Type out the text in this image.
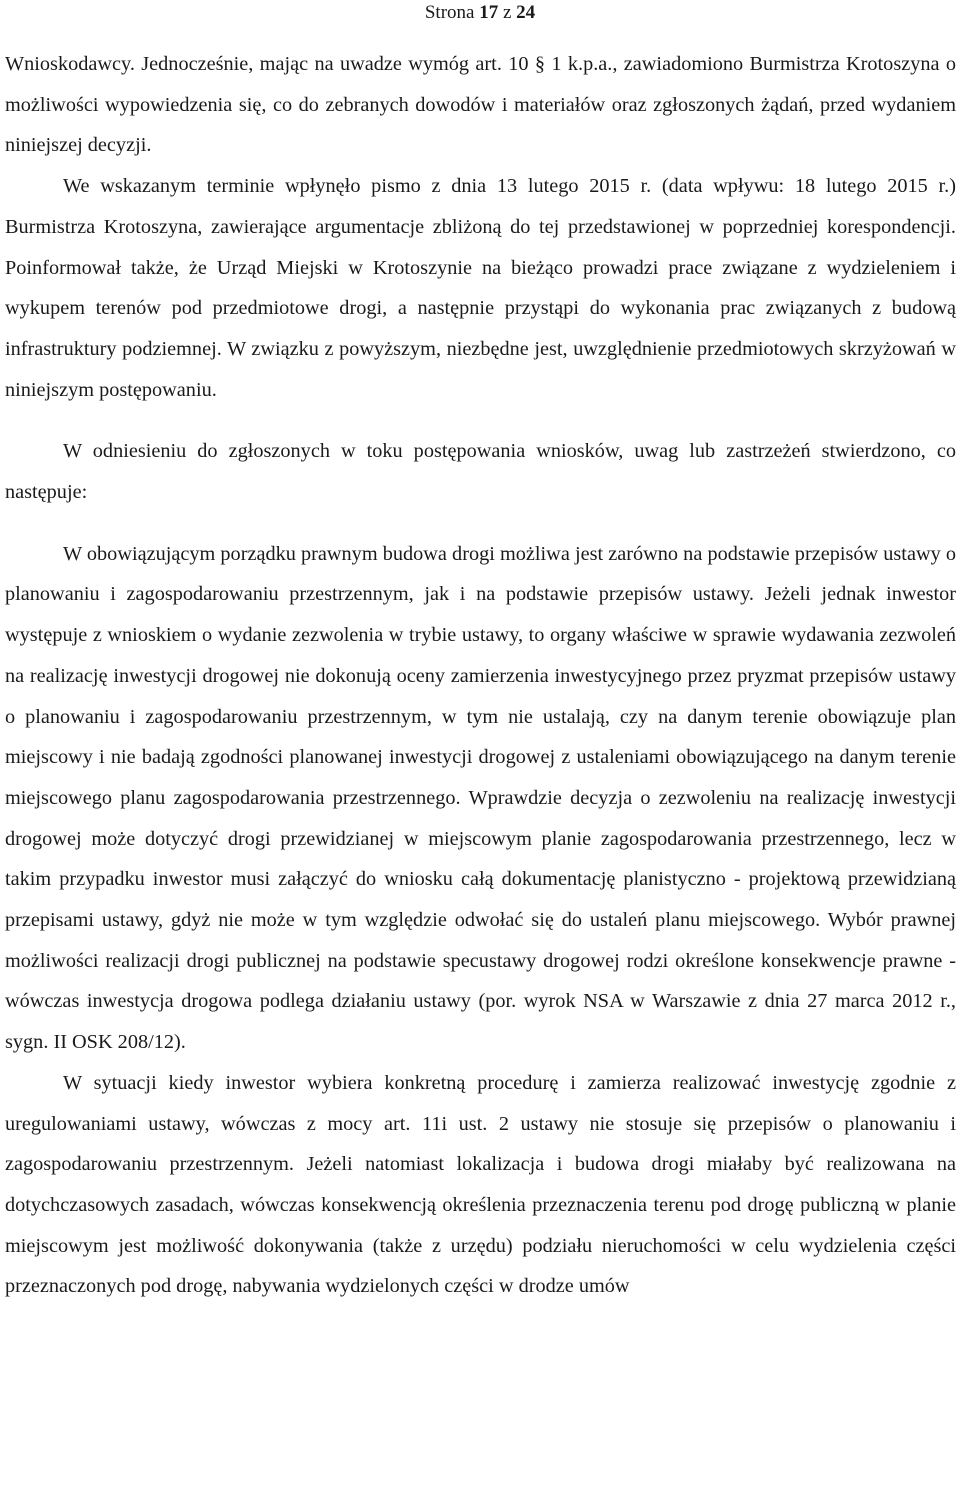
Strona 17 z 24

Wnioskodawcy. Jednocześnie, mając na uwadze wymóg art. 10 § 1 k.p.a., zawiadomiono Burmistrza Krotoszyna o możliwości wypowiedzenia się, co do zebranych dowodów i materiałów oraz zgłoszonych żądań, przed wydaniem niniejszej decyzji.

We wskazanym terminie wpłynęło pismo z dnia 13 lutego 2015 r. (data wpływu: 18 lutego 2015 r.) Burmistrza Krotoszyna, zawierające argumentacje zbliżoną do tej przedstawionej w poprzedniej korespondencji. Poinformował także, że Urząd Miejski w Krotoszynie na bieżąco prowadzi prace związane z wydzieleniem i wykupem terenów pod przedmiotowe drogi, a następnie przystąpi do wykonania prac związanych z budową infrastruktury podziemnej. W związku z powyższym, niezbędne jest, uwzględnienie przedmiotowych skrzyżowań w niniejszym postępowaniu.

W odniesieniu do zgłoszonych w toku postępowania wniosków, uwag lub zastrzeżeń stwierdzono, co następuje:

W obowiązującym porządku prawnym budowa drogi możliwa jest zarówno na podstawie przepisów ustawy o planowaniu i zagospodarowaniu przestrzennym, jak i na podstawie przepisów ustawy. Jeżeli jednak inwestor występuje z wnioskiem o wydanie zezwolenia w trybie ustawy, to organy właściwe w sprawie wydawania zezwoleń na realizację inwestycji drogowej nie dokonują oceny zamierzenia inwestycyjnego przez pryzmat przepisów ustawy o planowaniu i zagospodarowaniu przestrzennym, w tym nie ustalają, czy na danym terenie obowiązuje plan miejscowy i nie badają zgodności planowanej inwestycji drogowej z ustaleniami obowiązującego na danym terenie miejscowego planu zagospodarowania przestrzennego. Wprawdzie decyzja o zezwoleniu na realizację inwestycji drogowej może dotyczyć drogi przewidzianej w miejscowym planie zagospodarowania przestrzennego, lecz w takim przypadku inwestor musi załączyć do wniosku całą dokumentację planistyczno - projektową przewidzianą przepisami ustawy, gdyż nie może w tym względzie odwołać się do ustaleń planu miejscowego. Wybór prawnej możliwości realizacji drogi publicznej na podstawie specustawy drogowej rodzi określone konsekwencje prawne - wówczas inwestycja drogowa podlega działaniu ustawy (por. wyrok NSA w Warszawie z dnia 27 marca 2012 r., sygn. II OSK 208/12).

W sytuacji kiedy inwestor wybiera konkretną procedurę i zamierza realizować inwestycję zgodnie z uregulowaniami ustawy, wówczas z mocy art. 11i ust. 2 ustawy nie stosuje się przepisów o planowaniu i zagospodarowaniu przestrzennym. Jeżeli natomiast lokalizacja i budowa drogi miałaby być realizowana na dotychczasowych zasadach, wówczas konsekwencją określenia przeznaczenia terenu pod drogę publiczną w planie miejscowym jest możliwość dokonywania (także z urzędu) podziału nieruchomości w celu wydzielenia części przeznaczonych pod drogę, nabywania wydzielonych części w drodze umów
